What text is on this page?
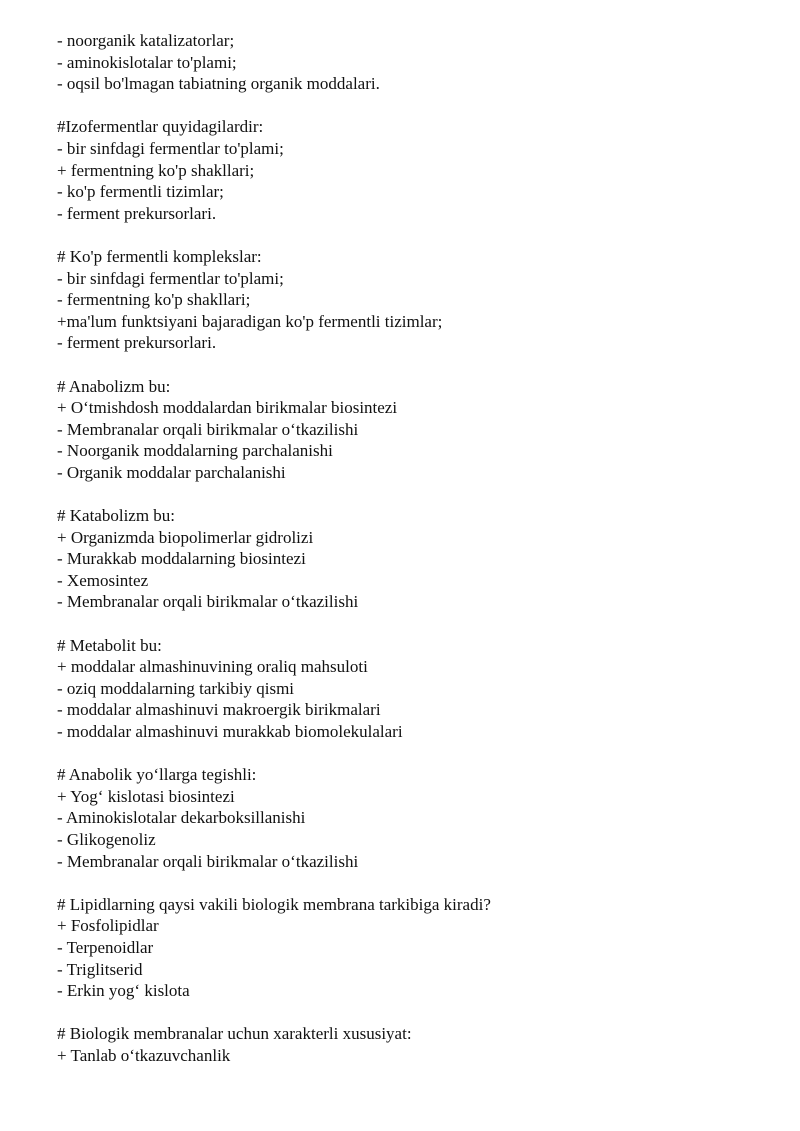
- noorganik katalizatorlar;
- aminokislotalar to'plami;
- oqsil bo'lmagan tabiatning organik moddalari.
#Izofermentlar quyidagilardir:
- bir sinfdagi fermentlar to'plami;
+ fermentning ko'p shakllari;
- ko'p fermentli tizimlar;
- ferment prekursorlari.
# Ko'p fermentli komplekslar:
- bir sinfdagi fermentlar to'plami;
- fermentning ko'p shakllari;
+ma'lum funktsiyani bajaradigan ko'p fermentli tizimlar;
- ferment prekursorlari.
# Anabolizm bu:
+ O‘tmishdosh moddalardan birikmalar biosintezi
- Membranalar orqali birikmalar o‘tkazilishi
- Noorganik moddalarning parchalanishi
- Organik moddalar parchalanishi
# Katabolizm bu:
+ Organizmda biopolimerlar gidrolizi
- Murakkab moddalarning biosintezi
- Xemosintez
- Membranalar orqali birikmalar o‘tkazilishi
# Metabolit bu:
+ moddalar almashinuvining oraliq mahsuloti
- oziq moddalarning tarkibiy qismi
- moddalar almashinuvi makroergik birikmalari
- moddalar almashinuvi murakkab biomolekulalari
# Anabolik yo‘llarga tegishli:
+ Yog‘ kislotasi biosintezi
- Aminokislotalar dekarboksillanishi
- Glikogenoliz
- Membranalar orqali birikmalar o‘tkazilishi
# Lipidlarning qaysi vakili biologik membrana tarkibiga kiradi?
+ Fosfolipidlar
- Terpenoidlar
- Triglitserid
- Erkin yog‘ kislota
# Biologik membranalar uchun xarakterli xususiyat:
+ Tanlab o‘tkazuvchanlik
